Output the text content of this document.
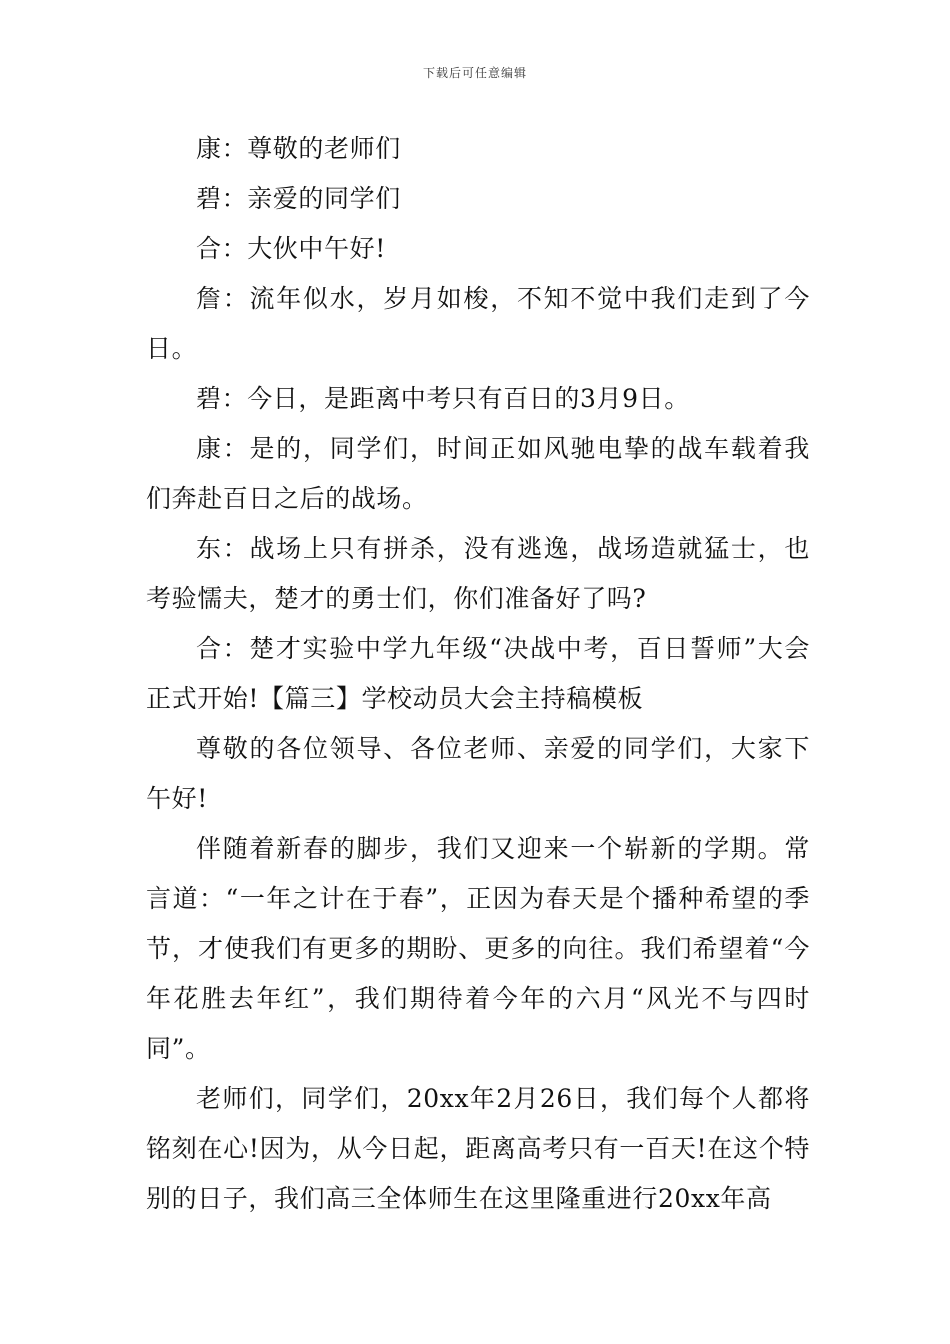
下载后可任意编辑

康：尊敬的老师们

碧：亲爱的同学们

合：大伙中午好!

詹：流年似水，岁月如梭，不知不觉中我们走到了今日。

碧：今日，是距离中考只有百日的3月9日。

康：是的，同学们，时间正如风驰电挚的战车载着我们奔赴百日之后的战场。

东：战场上只有拼杀，没有逃逸，战场造就猛士，也考验懦夫，楚才的勇士们，你们准备好了吗?

合：楚才实验中学九年级“决战中考，百日誓师”大会正式开始!【篇三】学校动员大会主持稿模板

尊敬的各位领导、各位老师、亲爱的同学们，大家下午好!

伴随着新春的脚步，我们又迎来一个崭新的学期。常言道：“一年之计在于春”，正因为春天是个播种希望的季节，才使我们有更多的期盼、更多的向往。我们希望着“今年花胜去年红”，我们期待着今年的六月“风光不与四时同”。

老师们，同学们，20xx年2月26日，我们每个人都将铭刻在心!因为，从今日起，距离高考只有一百天!在这个特别的日子，我们高三全体师生在这里隆重进行20xx年高
